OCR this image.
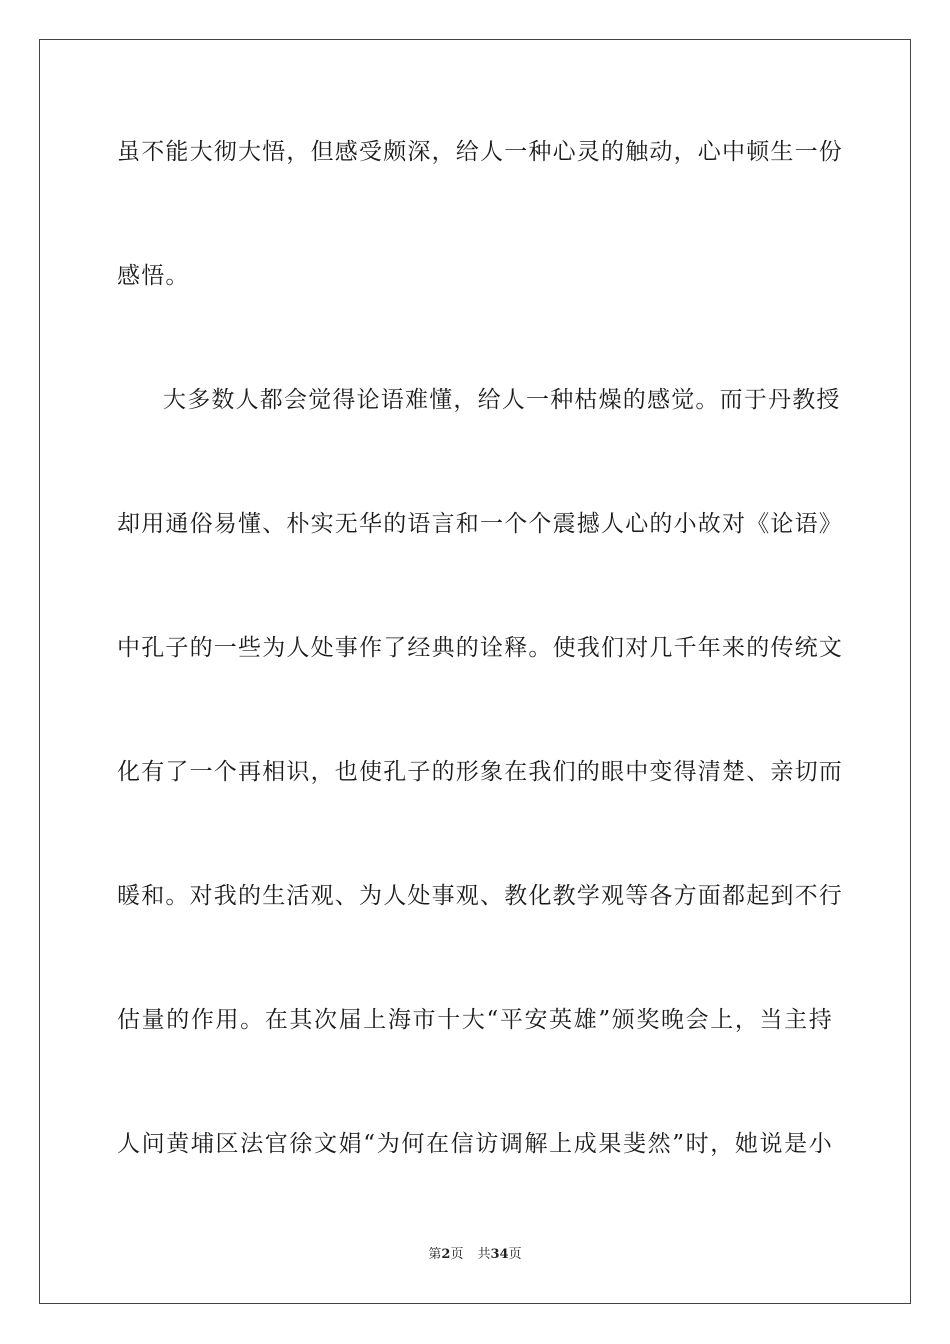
虽不能大彻大悟，但感受颇深，给人一种心灵的触动，心中顿生一份
感悟。
大多数人都会觉得论语难懂，给人一种枯燥的感觉。而于丹教授
却用通俗易懂、朴实无华的语言和一个个震撼人心的小故对《论语》
中孔子的一些为人处事作了经典的诠释。使我们对几千年来的传统文
化有了一个再相识，也使孔子的形象在我们的眼中变得清楚、亲切而
暖和。对我的生活观、为人处事观、教化教学观等各方面都起到不行
估量的作用。在其次届上海市十大“平安英雄”颁奖晚会上，当主持
人问黄埔区法官徐文娟“为何在信访调解上成果斐然”时，她说是小
第2页 共34页
